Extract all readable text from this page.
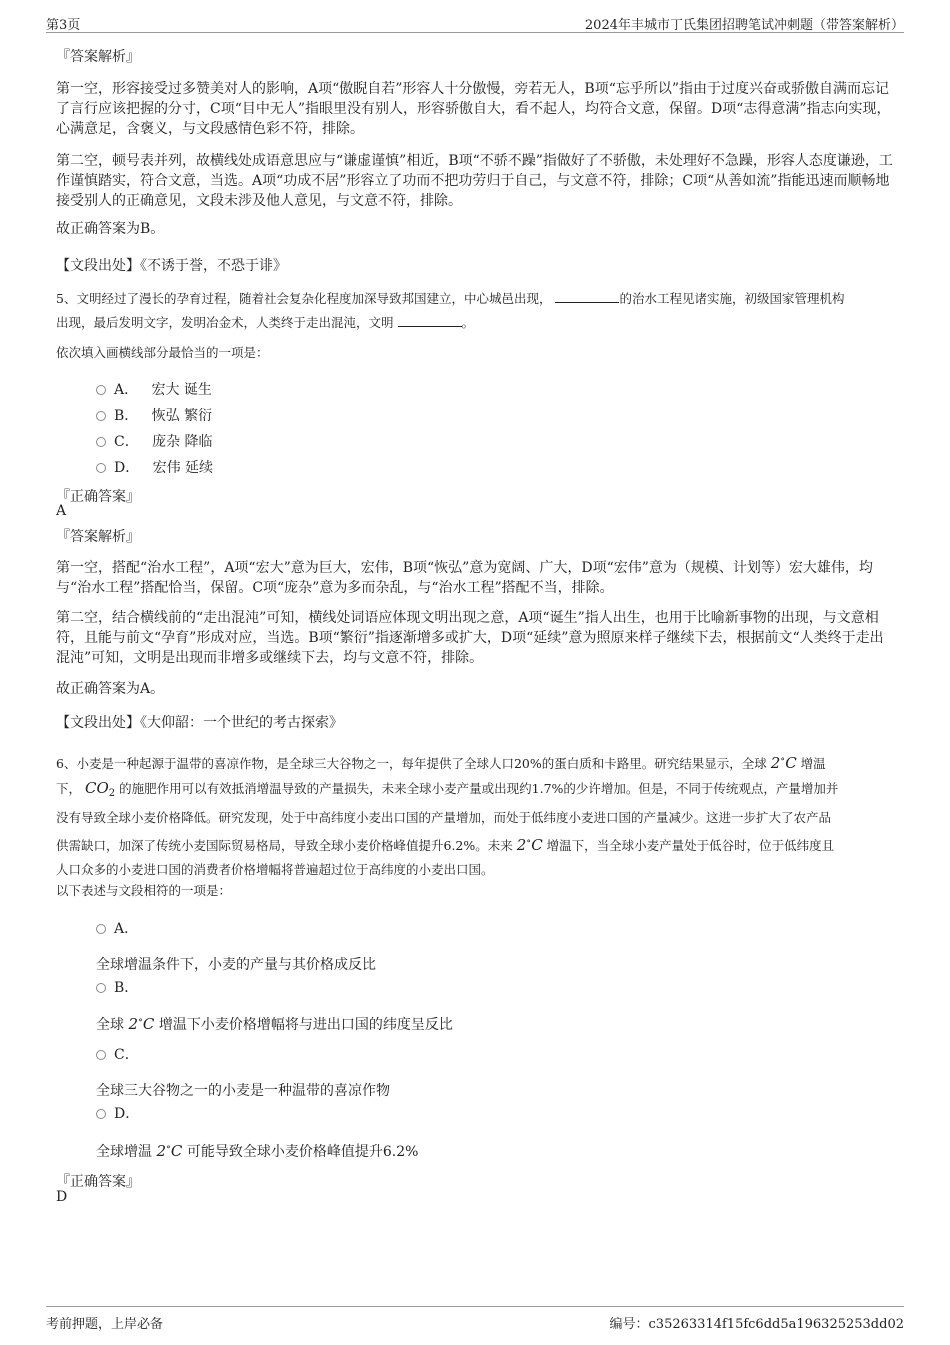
第3页	2024年丰城市丁氏集团招聘笔试冲刺题（带答案解析）
『答案解析』
第一空，形容接受过多赞美对人的影响，A项“傲睨自若”形容人十分傲慢，旁若无人，B项“忘乎所以”指由于过度兴奋或骄傲自满而忘记了言行应该把握的分寸，C项“目中无人”指眼里没有别人，形容骄傲自大，看不起人，均符合文意，保留。D项“志得意满”指志向实现，心满意足，含褒义，与文段感情色彩不符，排除。
第二空，顿号表并列，故横线处成语意思应与“谦虚谨慎”相近，B项“不骄不躁”指做好了不骄傲，未处理好不急躁，形容人态度谦逊，工作谨慎踏实，符合文意，当选。A项“功成不居”形容立了功而不把功劳归于自己，与文意不符，排除；C项“从善如流”指能迅速而顺畅地接受别人的正确意见，文段未涉及他人意见，与文意不符，排除。
故正确答案为B。
【文段出处】《不诱于誉，不恐于诽》
5、文明经过了漫长的孕育过程，随着社会复杂化程度加深导致邦国建立，中心城邑出现，	的治水工程见诸实施，初级国家管理机构
出现，最后发明文字，发明冶金术，人类终于走出混沌，文明	。
依次填入画横线部分最恰当的一项是：
A． 宏大 诞生
B． 恢弘 繁衍
C． 庞杂 降临
D． 宏伟 延续
『正确答案』
A
『答案解析』
第一空，搭配“治水工程”，A项“宏大”意为巨大，宏伟，B项“恢弘”意为宽阔、广大，D项“宏伟”意为（规模、计划等）宏大雄伟，均与“治水工程”搭配恰当，保留。C项“庞杂”意为多而杂乱，与“治水工程”搭配不当，排除。
第二空，结合横线前的“走出混沌”可知，横线处词语应体现文明出现之意，A项“诞生”指人出生，也用于比喻新事物的出现，与文意相符，且能与前文“孕育”形成对应，当选。B项“繁衍”指逐渐增多或扩大，D项“延续”意为照原来样子继续下去，根据前文“人类终于走出混沌”可知，文明是出现而非增多或继续下去，均与文意不符，排除。
故正确答案为A。
【文段出处】《大仰韶：一个世纪的考古探索》
6、小麦是一种起源于温带的喜凉作物，是全球三大谷物之一，每年提供了全球人口20%的蛋白质和卡路里。研究结果显示，全球 2∘C 增温
下， $CO_2$ 的施肥作用可以有效抵消增温导致的产量损失，未来全球小麦产量或出现约1.7%的少许增加。但是，不同于传统观点，产量增加并
没有导致全球小麦价格降低。研究发现，处于中高纬度小麦出口国的产量增加，而处于低纬度小麦进口国的产量减少。这进一步扩大了农产品
供需缺口，加深了传统小麦国际贸易格局，导致全球小麦价格峰值提升6.2%。未来 2∘C 增温下，当全球小麦产量处于低谷时，位于低纬度且
人口众多的小麦进口国的消费者价格增幅将普遍超过位于高纬度的小麦出口国。
以下表述与文段相符的一项是：
A．
全球增温条件下，小麦的产量与其价格成反比
B．
全球 2∘C 增温下小麦价格增幅将与进出口国的纬度呈反比
C．
全球三大谷物之一的小麦是一种温带的喜凉作物
D．
全球增温 2∘C 可能导致全球小麦价格峰值提升6.2%
『正确答案』
D
考前押题，上岸必备	编号：c35263314f15fc6dd5a196325253dd02
